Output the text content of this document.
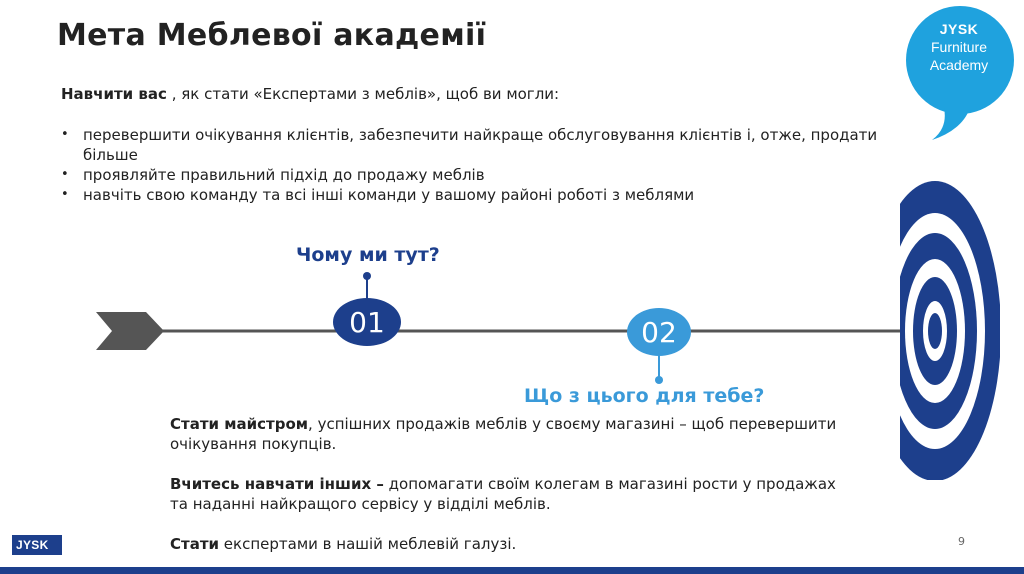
Мета Меблевої академії
Навчити вас , як стати «Експертами з меблів», щоб ви могли:
• перевершити очікування клієнтів, забезпечити найкраще обслуговування клієнтів і, отже, продати більше
• проявляйте правильний підхід до продажу меблів
• навчіть свою команду та всі інші команди у вашому районі роботі з меблями
JYSK
Furniture
Academy
Чому ми тут?
01	02
Що з цього для тебе?

Стати майстром, успішних продажів меблів у своєму магазині – щоб перевершити очікування покупців.

Вчитесь навчати інших – допомагати своїм колегам в магазині рости у продажах та наданні найкращого сервісу у відділі меблів.

Стати експертами в нашій меблевій галузі.

JYSK	9
